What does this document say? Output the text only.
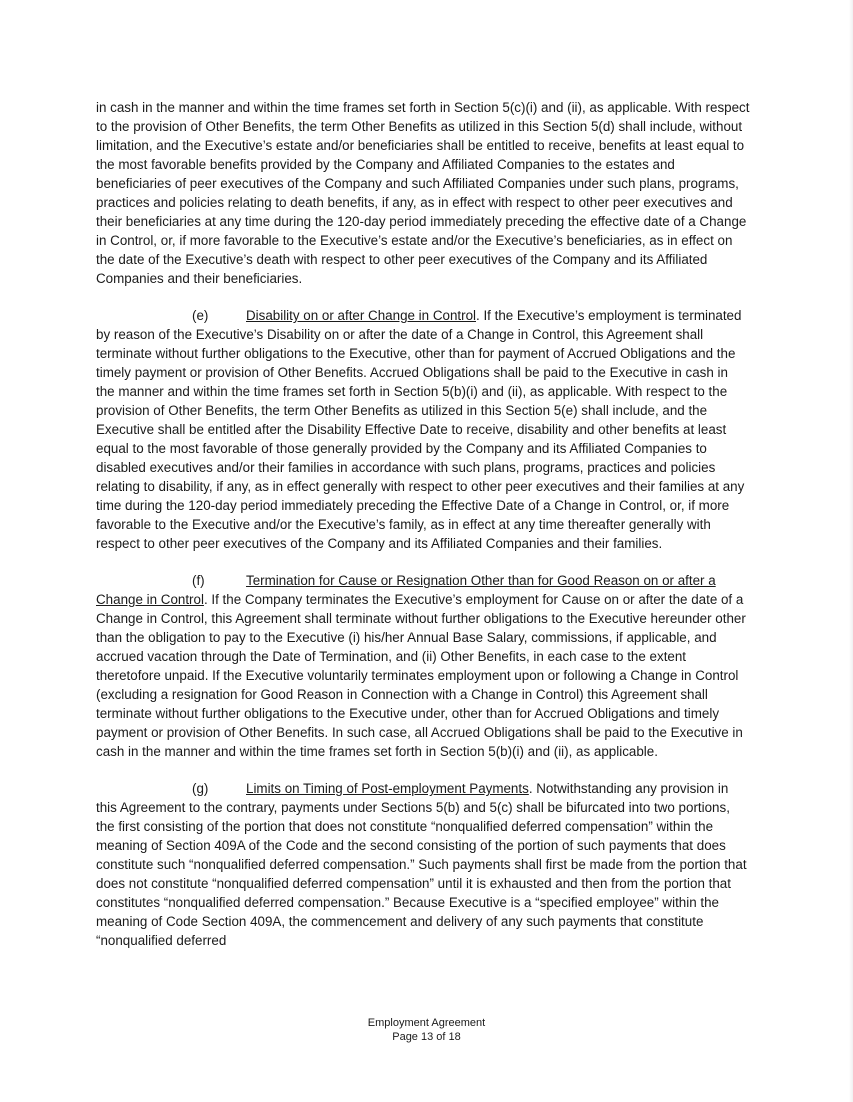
in cash in the manner and within the time frames set forth in Section 5(c)(i) and (ii), as applicable. With respect to the provision of Other Benefits, the term Other Benefits as utilized in this Section 5(d) shall include, without limitation, and the Executive’s estate and/or beneficiaries shall be entitled to receive, benefits at least equal to the most favorable benefits provided by the Company and Affiliated Companies to the estates and beneficiaries of peer executives of the Company and such Affiliated Companies under such plans, programs, practices and policies relating to death benefits, if any, as in effect with respect to other peer executives and their beneficiaries at any time during the 120-day period immediately preceding the effective date of a Change in Control, or, if more favorable to the Executive’s estate and/or the Executive’s beneficiaries, as in effect on the date of the Executive’s death with respect to other peer executives of the Company and its Affiliated Companies and their beneficiaries.

(e)	Disability on or after Change in Control. If the Executive’s employment is terminated by reason of the Executive’s Disability on or after the date of a Change in Control, this Agreement shall terminate without further obligations to the Executive, other than for payment of Accrued Obligations and the timely payment or provision of Other Benefits. Accrued Obligations shall be paid to the Executive in cash in the manner and within the time frames set forth in Section 5(b)(i) and (ii), as applicable. With respect to the provision of Other Benefits, the term Other Benefits as utilized in this Section 5(e) shall include, and the Executive shall be entitled after the Disability Effective Date to receive, disability and other benefits at least equal to the most favorable of those generally provided by the Company and its Affiliated Companies to disabled executives and/or their families in accordance with such plans, programs, practices and policies relating to disability, if any, as in effect generally with respect to other peer executives and their families at any time during the 120-day period immediately preceding the Effective Date of a Change in Control, or, if more favorable to the Executive and/or the Executive’s family, as in effect at any time thereafter generally with respect to other peer executives of the Company and its Affiliated Companies and their families.

(f)	Termination for Cause or Resignation Other than for Good Reason on or after a Change in Control. If the Company terminates the Executive’s employment for Cause on or after the date of a Change in Control, this Agreement shall terminate without further obligations to the Executive hereunder other than the obligation to pay to the Executive (i) his/her Annual Base Salary, commissions, if applicable, and accrued vacation through the Date of Termination, and (ii) Other Benefits, in each case to the extent theretofore unpaid. If the Executive voluntarily terminates employment upon or following a Change in Control (excluding a resignation for Good Reason in Connection with a Change in Control) this Agreement shall terminate without further obligations to the Executive under, other than for Accrued Obligations and timely payment or provision of Other Benefits. In such case, all Accrued Obligations shall be paid to the Executive in cash in the manner and within the time frames set forth in Section 5(b)(i) and (ii), as applicable.

(g)	Limits on Timing of Post-employment Payments. Notwithstanding any provision in this Agreement to the contrary, payments under Sections 5(b) and 5(c) shall be bifurcated into two portions, the first consisting of the portion that does not constitute “nonqualified deferred compensation” within the meaning of Section 409A of the Code and the second consisting of the portion of such payments that does constitute such “nonqualified deferred compensation.” Such payments shall first be made from the portion that does not constitute “nonqualified deferred compensation” until it is exhausted and then from the portion that constitutes “nonqualified deferred compensation.” Because Executive is a “specified employee” within the meaning of Code Section 409A, the commencement and delivery of any such payments that constitute “nonqualified deferred

Employment Agreement
Page 13 of 18
